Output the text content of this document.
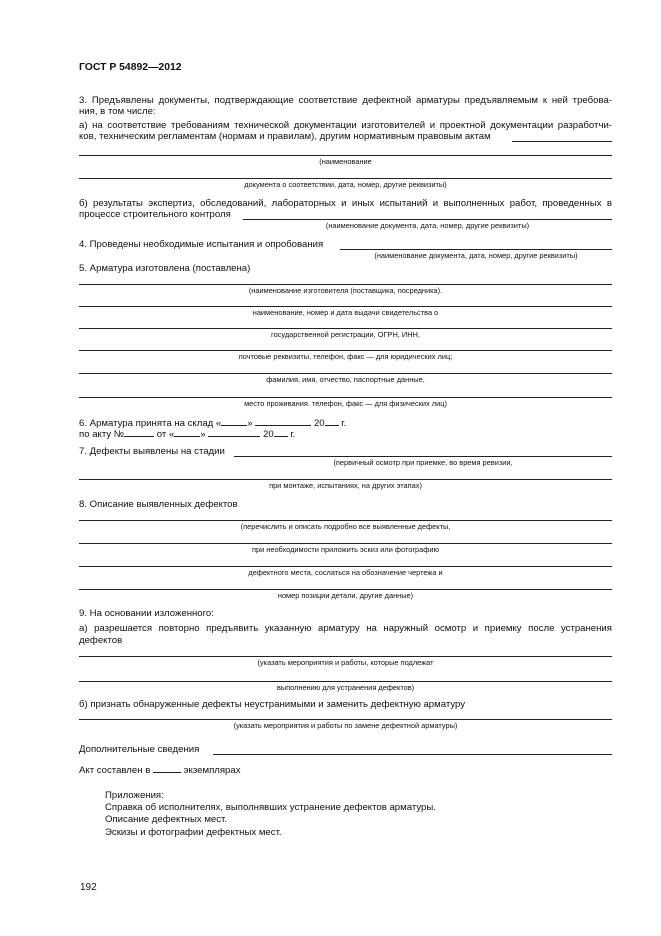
ГОСТ Р 54892—2012
3. Предъявлены документы, подтверждающие соответствие дефектной арматуры предъявляемым к ней требова-
ния, в том числе:
а) на соответствие требованиям технической документации изготовителей и проектной документации разработчи-
ков, техническим регламентам (нормам и правилам), другим нормативным правовым актам
(наименование
документа о соответствии, дата, номер, другие реквизиты)
б) результаты экспертиз, обследований, лабораторных и иных испытаний и выполненных работ, проведенных в
процессе строительного контроля
(наименование документа, дата, номер, другие реквизиты)
4. Проведены необходимые испытания и опробования
(наименование документа, дата, номер, другие реквизиты)
5. Арматура изготовлена (поставлена)
(наименование изготовителя (поставщика, посредника).
наименование, номер и дата выдачи свидетельства о
государственной регистрации, ОГРН, ИНН,
почтовые реквизиты, телефон, факс — для юридических лиц;
фамилия, имя, отчество, паспортные данные,
место проживания. телефон, факс — для физических лиц)
6. Арматура принята на склад «	»	20 г.
по акту №	от «	»	20 г.
7. Дефекты выявлены на стадии
(первичный осмотр при приемке, во время ревизии,
при монтаже, испытаниях, на других этапах)
8. Описание выявленных дефектов
(перечислить и описать подробно все выявленные дефекты,
при необходимости приложить эскиз или фотографию
дефектного места, сослаться на обозначение чертежа и
номер позиции детали, другие данные)
9. На основании изложенного:
а) разрешается повторно предъявить указанную арматуру на наружный осмотр и приемку после устранения
дефектов
(указать мероприятия и работы, которые подлежат
выполнению для устранения дефектов)
б) признать обнаруженные дефекты неустранимыми и заменить дефектную арматуру
(указать мероприятия и работы по замене дефектной арматуры)
Дополнительные сведения
Акт составлен в	экземплярах
Приложения:
Справка об исполнителях, выполнявших устранение дефектов арматуры.
Описание дефектных мест.
Эскизы и фотографии дефектных мест.
192
